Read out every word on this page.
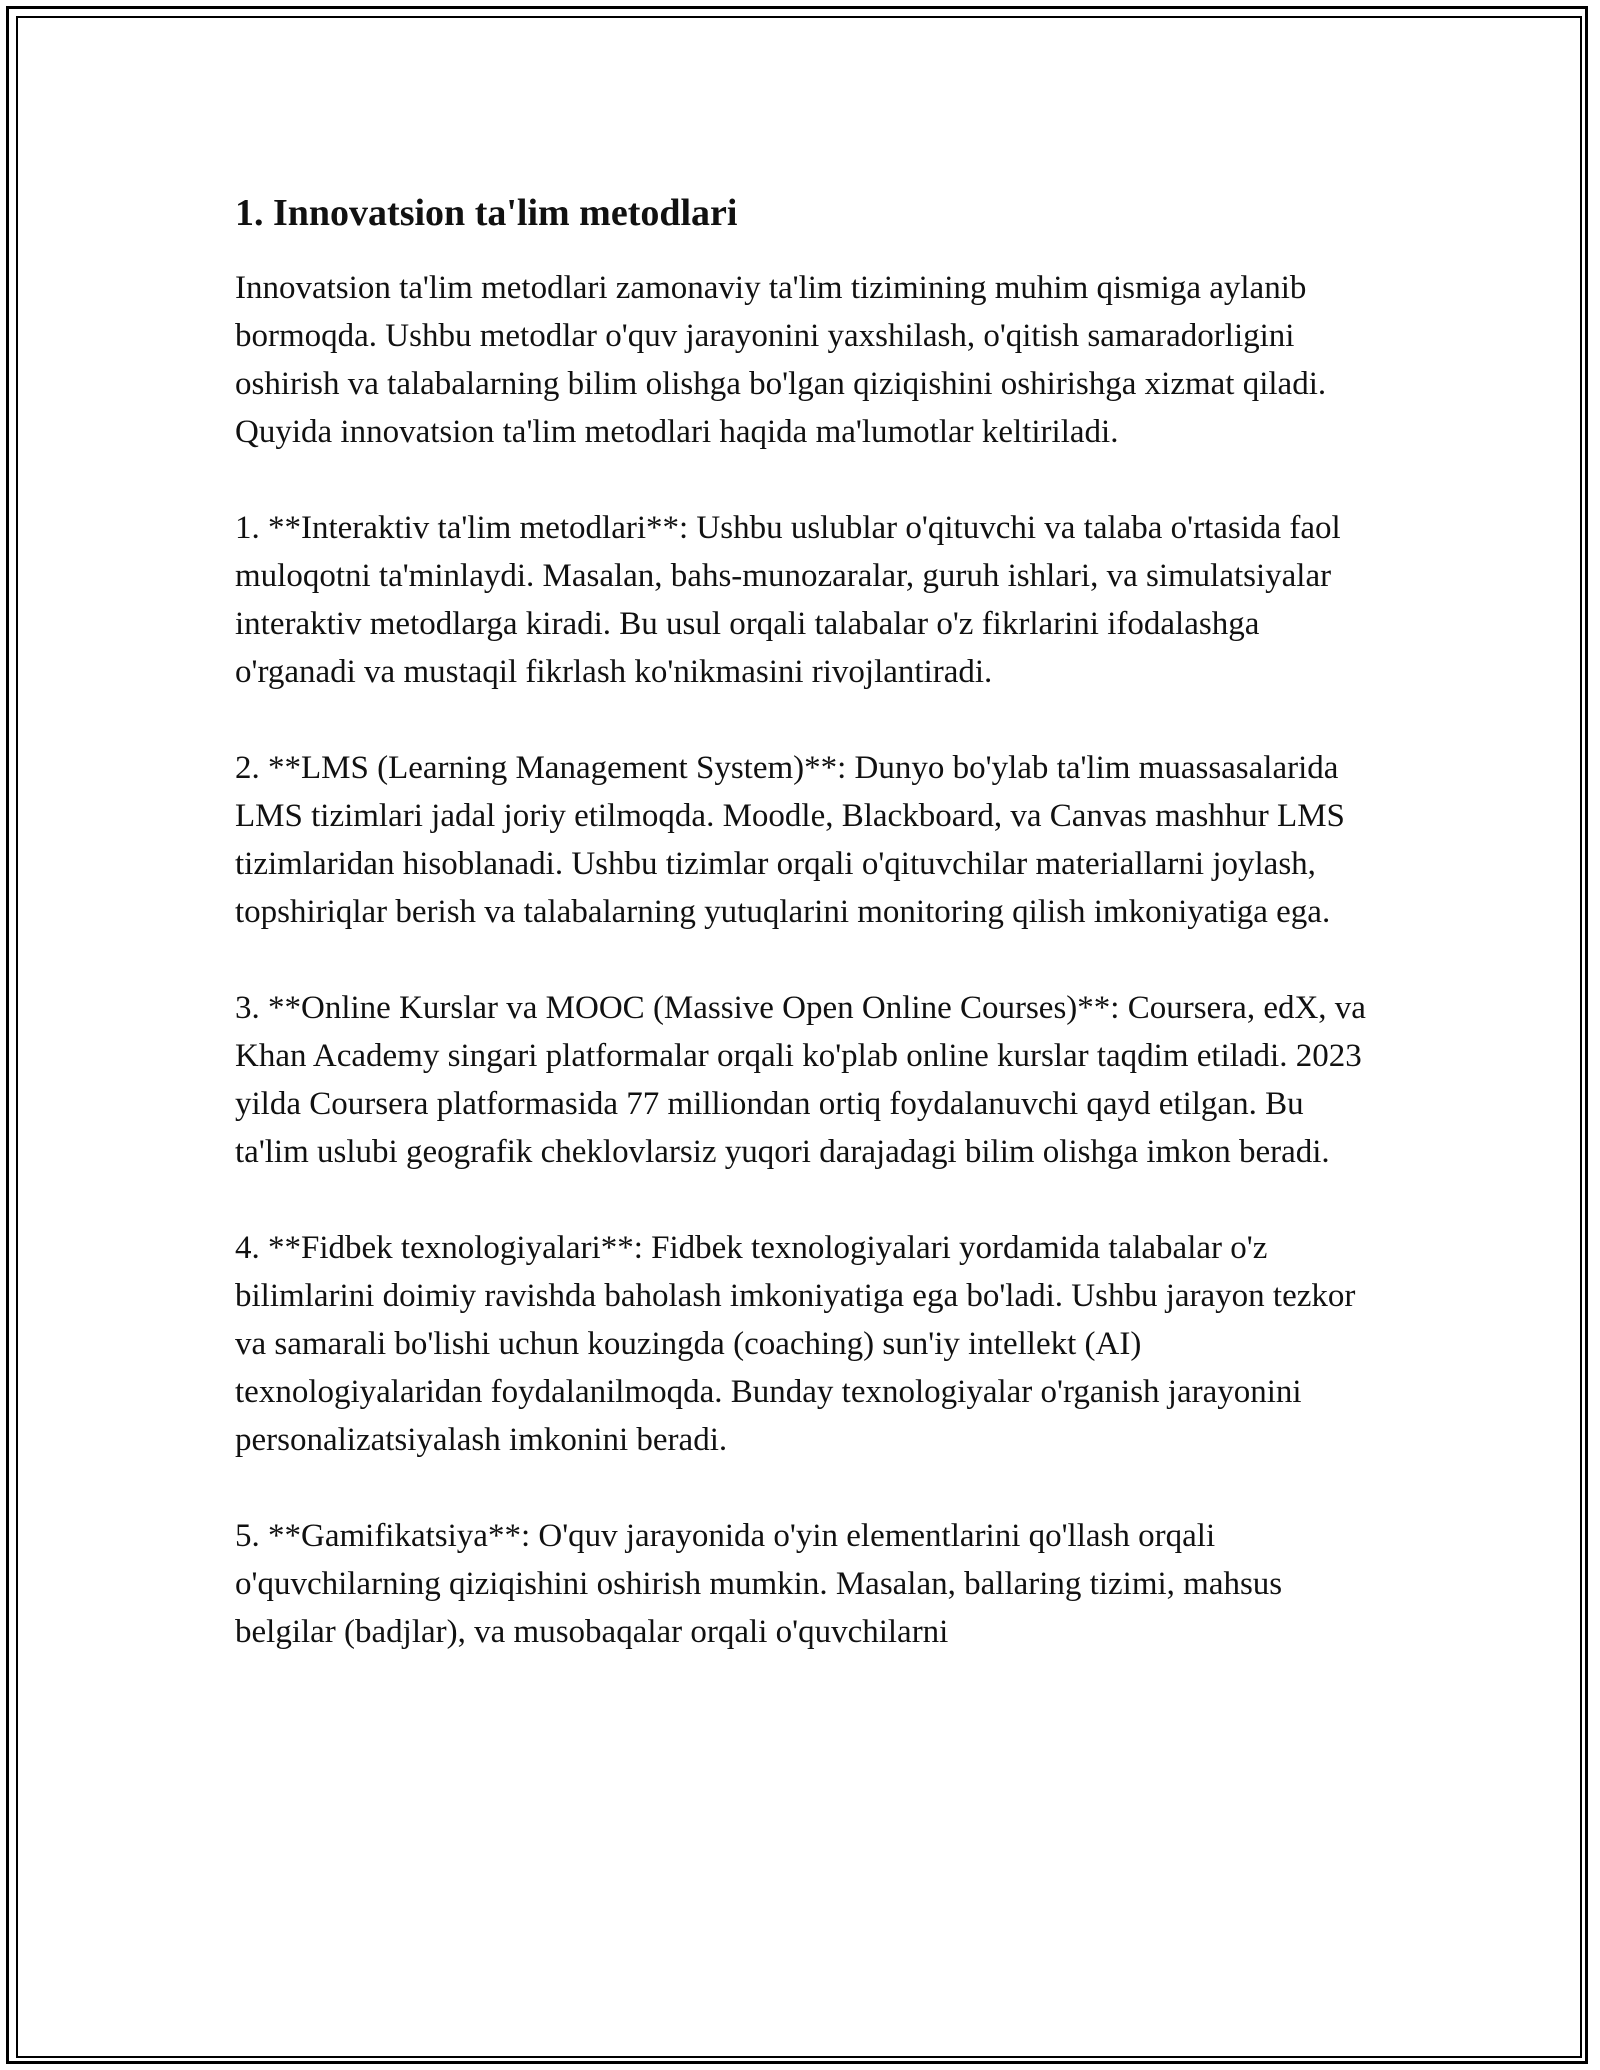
1. Innovatsion ta'lim metodlari
Innovatsion ta'lim metodlari zamonaviy ta'lim tizimining muhim qismiga aylanib bormoqda. Ushbu metodlar o'quv jarayonini yaxshilash, o'qitish samaradorligini oshirish va talabalarning bilim olishga bo'lgan qiziqishini oshirishga xizmat qiladi. Quyida innovatsion ta'lim metodlari haqida ma'lumotlar keltiriladi.
1. **Interaktiv ta'lim metodlari**: Ushbu uslublar o'qituvchi va talaba o'rtasida faol muloqotni ta'minlaydi. Masalan, bahs-munozaralar, guruh ishlari, va simulatsiyalar interaktiv metodlarga kiradi. Bu usul orqali talabalar o'z fikrlarini ifodalashga o'rganadi va mustaqil fikrlash ko'nikmasini rivojlantiradi.
2. **LMS (Learning Management System)**: Dunyo bo'ylab ta'lim muassasalarida LMS tizimlari jadal joriy etilmoqda. Moodle, Blackboard, va Canvas mashhur LMS tizimlaridan hisoblanadi. Ushbu tizimlar orqali o'qituvchilar materiallarni joylash, topshiriqlar berish va talabalarning yutuqlarini monitoring qilish imkoniyatiga ega.
3. **Online Kurslar va MOOC (Massive Open Online Courses)**: Coursera, edX, va Khan Academy singari platformalar orqali ko'plab online kurslar taqdim etiladi. 2023 yilda Coursera platformasida 77 milliondan ortiq foydalanuvchi qayd etilgan. Bu ta'lim uslubi geografik cheklovlarsiz yuqori darajadagi bilim olishga imkon beradi.
4. **Fidbek texnologiyalari**: Fidbek texnologiyalari yordamida talabalar o'z bilimlarini doimiy ravishda baholash imkoniyatiga ega bo'ladi. Ushbu jarayon tezkor va samarali bo'lishi uchun kouzingda (coaching) sun'iy intellekt (AI) texnologiyalaridan foydalanilmoqda. Bunday texnologiyalar o'rganish jarayonini personalizatsiyalash imkonini beradi.
5. **Gamifikatsiya**: O'quv jarayonida o'yin elementlarini qo'llash orqali o'quvchilarning qiziqishini oshirish mumkin. Masalan, ballaring tizimi, mahsus belgilar (badjlar), va musobaqalar orqali o'quvchilarni
